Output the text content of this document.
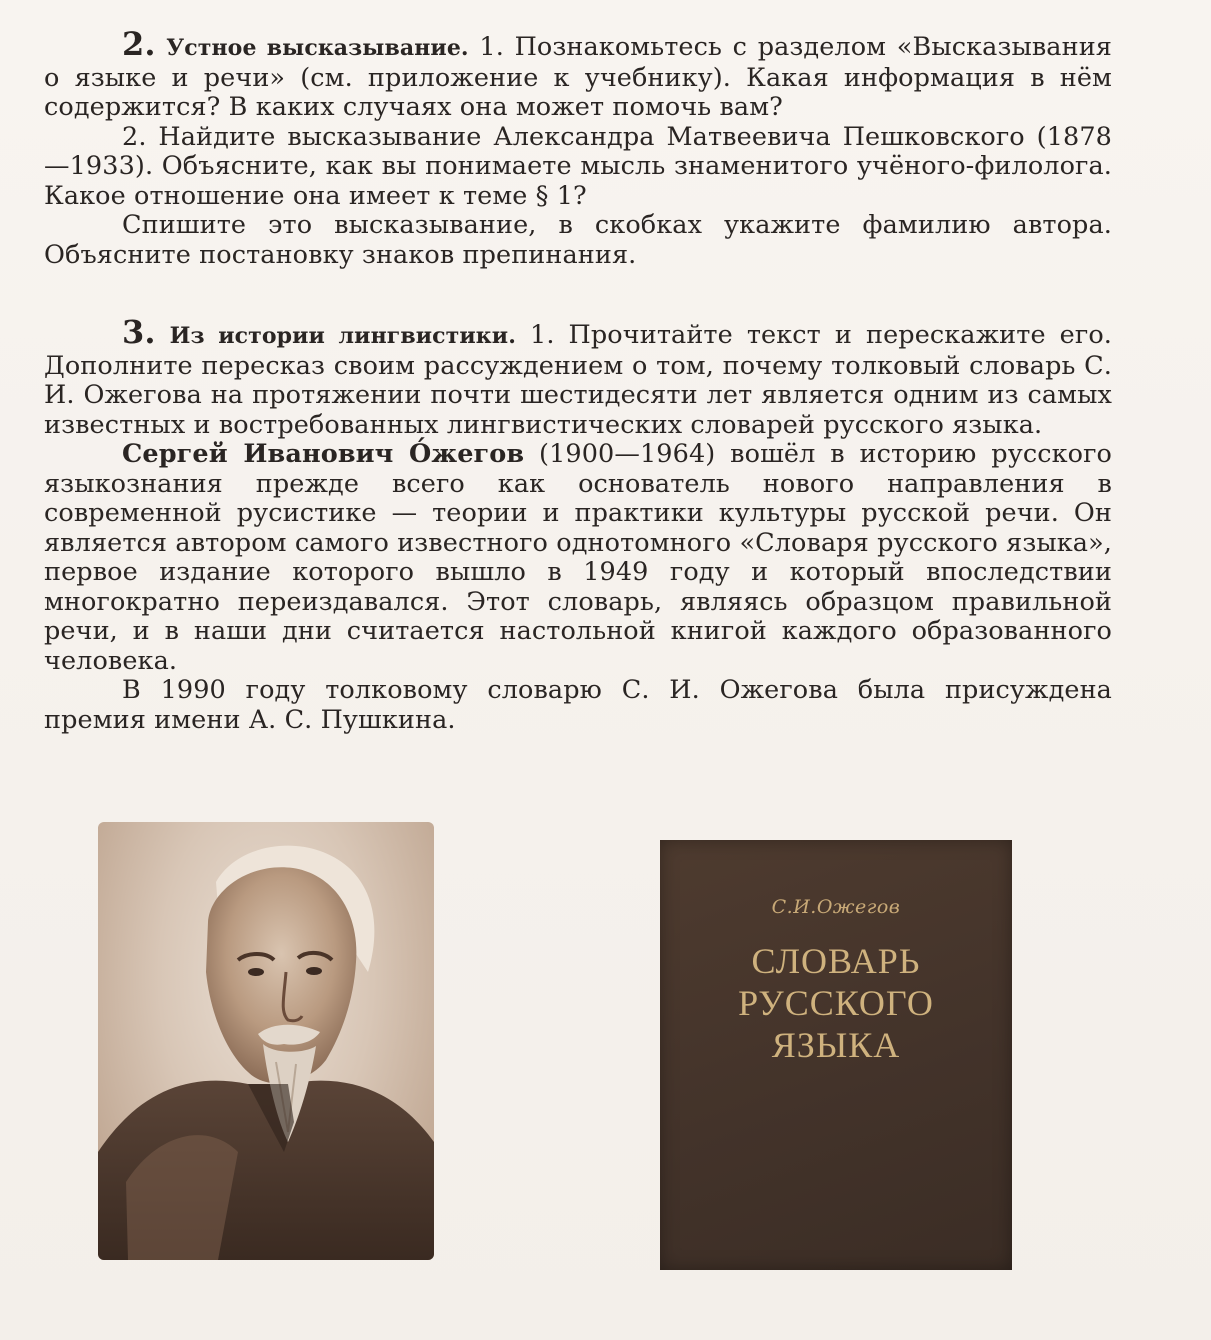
2. Устное высказывание. 1. Познакомьтесь с разделом «Высказывания о языке и речи» (см. приложение к учебнику). Какая информация в нём содержится? В каких случаях она может помочь вам?

2. Найдите высказывание Александра Матвеевича Пешковского (1878—1933). Объясните, как вы понимаете мысль знаменитого учёного-филолога. Какое отношение она имеет к теме § 1?

Спишите это высказывание, в скобках укажите фамилию автора. Объясните постановку знаков препинания.

3. Из истории лингвистики. 1. Прочитайте текст и перескажите его. Дополните пересказ своим рассуждением о том, почему толковый словарь С. И. Ожегова на протяжении почти шестидесяти лет является одним из самых известных и востребованных лингвистических словарей русского языка.

Сергей Иванович О́жегов (1900—1964) вошёл в историю русского языкознания прежде всего как основатель нового направления в современной русистике — теории и практики культуры русской речи. Он является автором самого известного однотомного «Словаря русского языка», первое издание которого вышло в 1949 году и который впоследствии многократно переиздавался. Этот словарь, являясь образцом правильной речи, и в наши дни считается настольной книгой каждого образованного человека.

В 1990 году толковому словарю С. И. Ожегова была присуждена премия имени А. С. Пушкина.

С.И.Ожегов
СЛОВАРЬ
РУССКОГО
ЯЗЫКА
